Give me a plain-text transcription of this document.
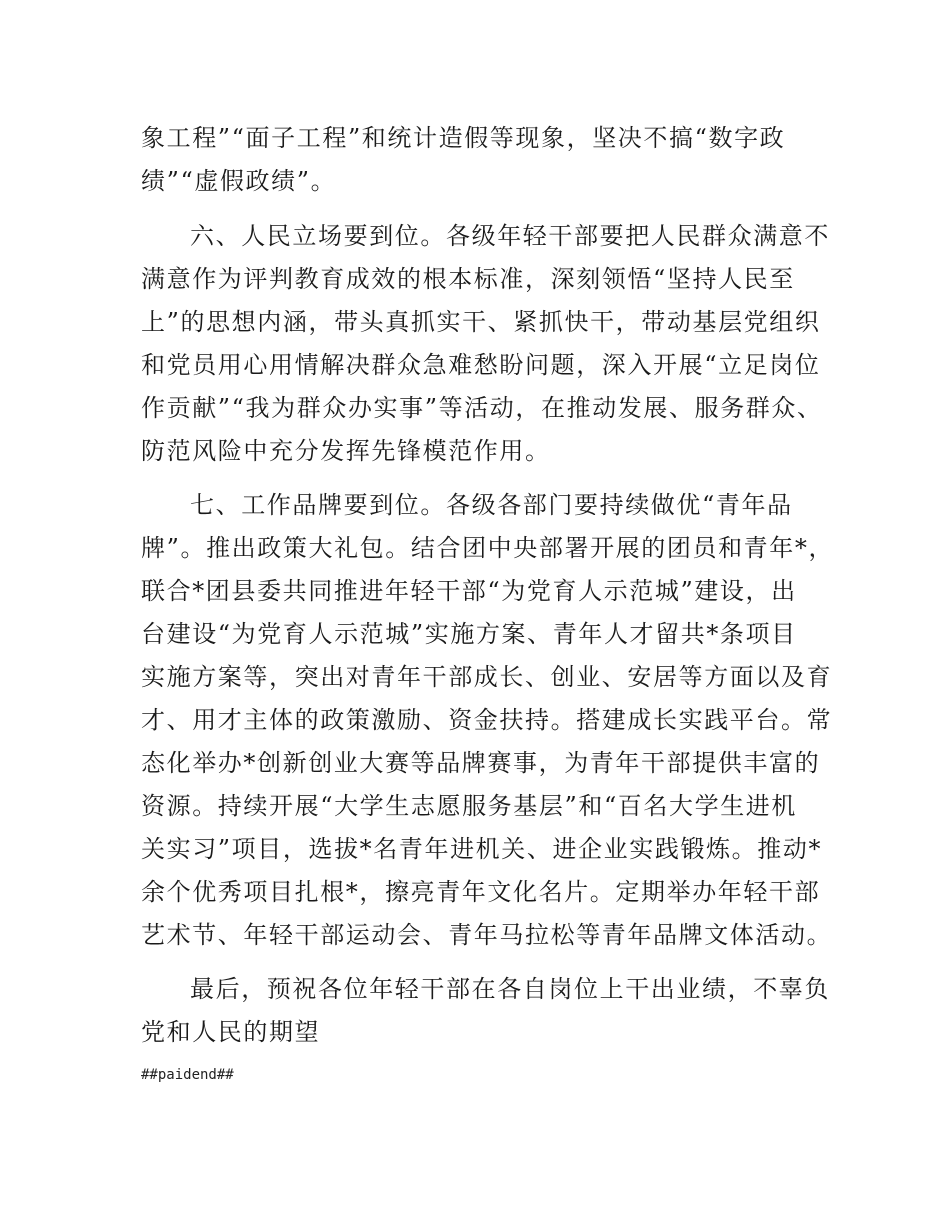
象工程”“面子工程”和统计造假等现象，坚决不搞“数字政

绩”“虚假政绩”。

六、人民立场要到位。各级年轻干部要把人民群众满意不

满意作为评判教育成效的根本标准，深刻领悟“坚持人民至

上”的思想内涵，带头真抓实干、紧抓快干，带动基层党组织

和党员用心用情解决群众急难愁盼问题，深入开展“立足岗位

作贡献”“我为群众办实事”等活动，在推动发展、服务群众、

防范风险中充分发挥先锋模范作用。

七、工作品牌要到位。各级各部门要持续做优“青年品

牌”。推出政策大礼包。结合团中央部署开展的团员和青年*，

联合*团县委共同推进年轻干部“为党育人示范城”建设，出

台建设“为党育人示范城”实施方案、青年人才留共*条项目

实施方案等，突出对青年干部成长、创业、安居等方面以及育

才、用才主体的政策激励、资金扶持。搭建成长实践平台。常

态化举办*创新创业大赛等品牌赛事，为青年干部提供丰富的

资源。持续开展“大学生志愿服务基层”和“百名大学生进机

关实习”项目，选拔*名青年进机关、进企业实践锻炼。推动*

余个优秀项目扎根*，擦亮青年文化名片。定期举办年轻干部

艺术节、年轻干部运动会、青年马拉松等青年品牌文体活动。

最后，预祝各位年轻干部在各自岗位上干出业绩，不辜负

党和人民的期望

##paidend##
